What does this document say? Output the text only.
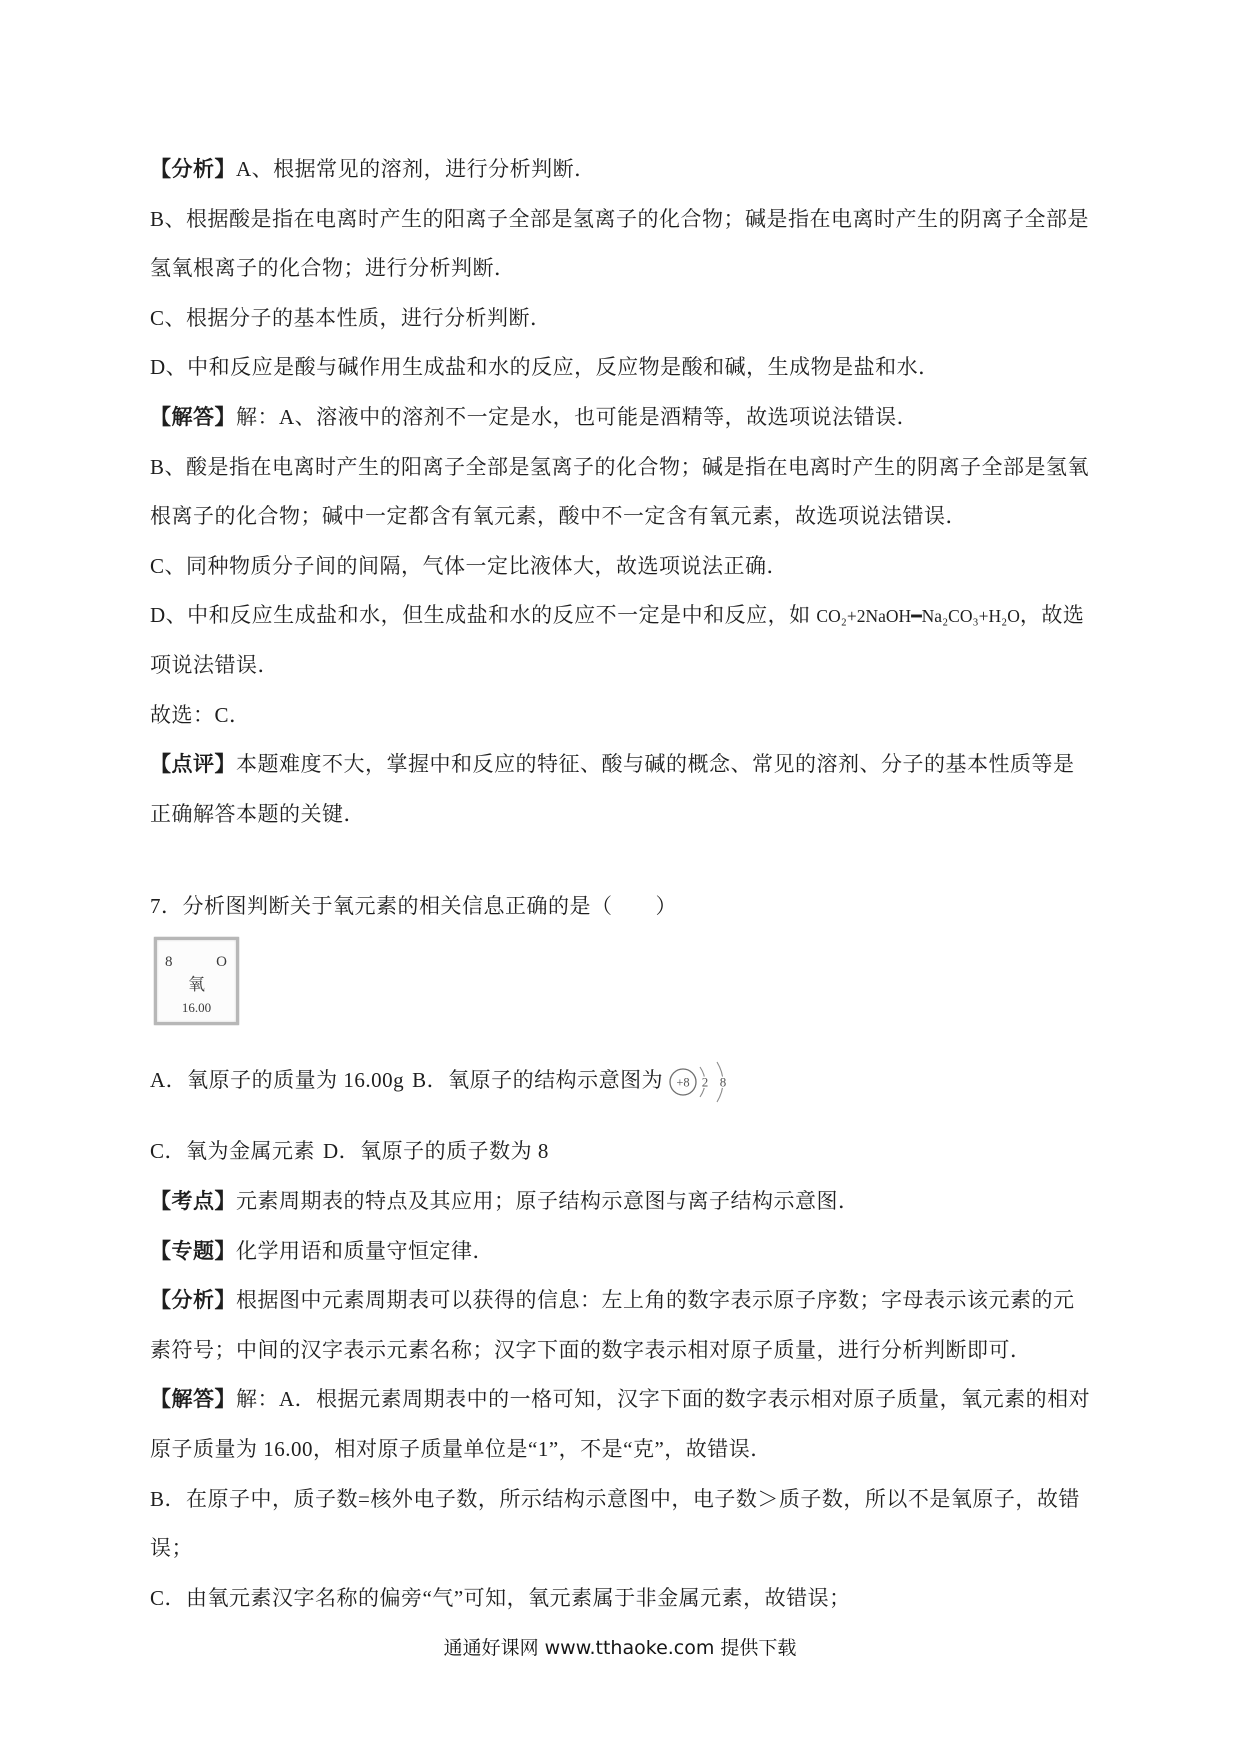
【分析】A、根据常见的溶剂，进行分析判断．
B、根据酸是指在电离时产生的阳离子全部是氢离子的化合物；碱是指在电离时产生的阴离子全部是
氢氧根离子的化合物；进行分析判断．
C、根据分子的基本性质，进行分析判断．
D、中和反应是酸与碱作用生成盐和水的反应，反应物是酸和碱，生成物是盐和水．
【解答】解：A、溶液中的溶剂不一定是水，也可能是酒精等，故选项说法错误．
B、酸是指在电离时产生的阳离子全部是氢离子的化合物；碱是指在电离时产生的阴离子全部是氢氧
根离子的化合物；碱中一定都含有氧元素，酸中不一定含有氧元素，故选项说法错误．
C、同种物质分子间的间隔，气体一定比液体大，故选项说法正确．
D、中和反应生成盐和水，但生成盐和水的反应不一定是中和反应，如 CO₂+2NaOH━Na₂CO₃+H₂O，故选
项说法错误．
故选：C．
【点评】本题难度不大，掌握中和反应的特征、酸与碱的概念、常见的溶剂、分子的基本性质等是
正确解答本题的关键．
7．分析图判断关于氧元素的相关信息正确的是（　　）
8	O
氧
16.00
A．氧原子的质量为 16.00g B．氧原子的结构示意图为 +8 2 8
C．氧为金属元素 D．氧原子的质子数为 8
【考点】元素周期表的特点及其应用；原子结构示意图与离子结构示意图．
【专题】化学用语和质量守恒定律．
【分析】根据图中元素周期表可以获得的信息：左上角的数字表示原子序数；字母表示该元素的元
素符号；中间的汉字表示元素名称；汉字下面的数字表示相对原子质量，进行分析判断即可．
【解答】解：A．根据元素周期表中的一格可知，汉字下面的数字表示相对原子质量，氧元素的相对
原子质量为 16.00，相对原子质量单位是“1”，不是“克”，故错误．
B．在原子中，质子数=核外电子数，所示结构示意图中，电子数＞质子数，所以不是氧原子，故错
误；
C．由氧元素汉字名称的偏旁“气”可知，氧元素属于非金属元素，故错误；
通通好课网 www.tthaoke.com 提供下载
